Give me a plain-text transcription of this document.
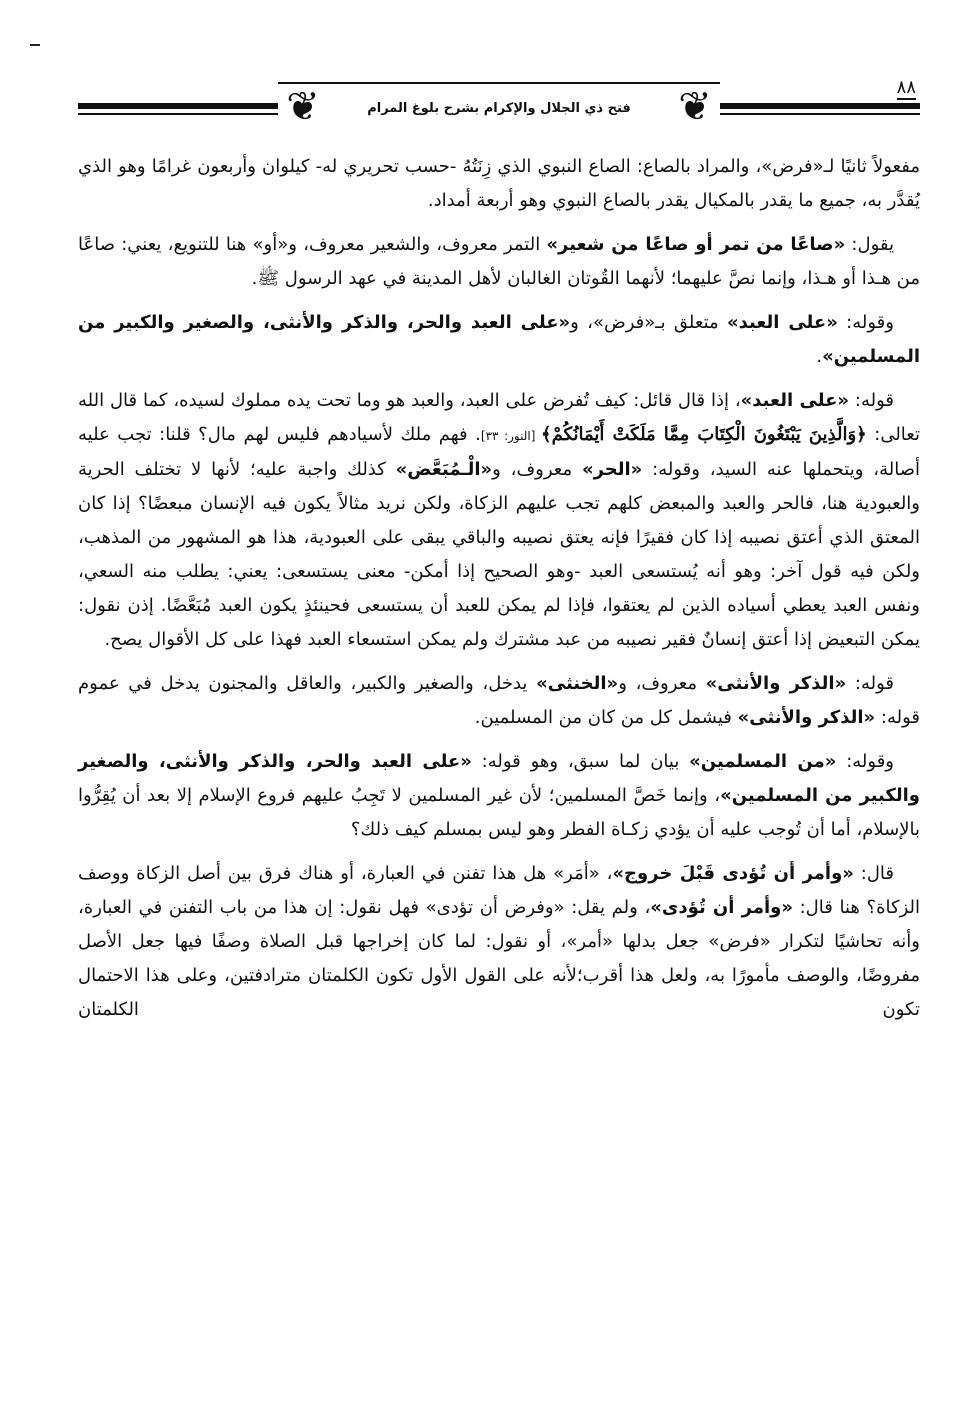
❦	فتح ذي الجلال والإكرام بشرح بلوغ المرام	❦	٨٨

مفعولاً ثانيًا لـ«فرض»، والمراد بالصاع: الصاع النبوي الذي زِنَتُهُ -حسب تحريري له- كيلوان وأربعون غرامًا وهو الذي يُقدَّر به، جميع ما يقدر بالمكيال يقدر بالصاع النبوي وهو أربعة أمداد.

يقول: «صاعًا من تمر أو صاعًا من شعير» التمر معروف، والشعير معروف، و«أو» هنا للتنويع، يعني: صاعًا من هـذا أو هـذا، وإنما نصَّ عليهما؛ لأنهما القُوتان الغالبان لأهل المدينة في عهد الرسول ﷺ.

وقوله: «على العبد» متعلق بـ«فرض»، و«على العبد والحر، والذكر والأنثى، والصغير والكبير من المسلمين».

قوله: «على العبد»، إذا قال قائل: كيف تُفرض على العبد، والعبد هو وما تحت يده مملوك لسيده، كما قال الله تعالى: ﴿وَالَّذِينَ يَبْتَغُونَ الْكِتَابَ مِمَّا مَلَكَتْ أَيْمَانُكُمْ﴾ [النور: ٣٣]. فهم ملك لأسيادهم فليس لهم مال؟ قلنا: تجب عليه أصالة، ويتحملها عنه السيد، وقوله: «الحر» معروف، و«الْـمُبَعَّض» كذلك واجبة عليه؛ لأنها لا تختلف الحرية والعبودية هنا، فالحر والعبد والمبعض كلهم تجب عليهم الزكاة، ولكن نريد مثالاً يكون فيه الإنسان مبعضًا؟ إذا كان المعتق الذي أعتق نصيبه إذا كان فقيرًا فإنه يعتق نصيبه والباقي يبقى على العبودية، هذا هو المشهور من المذهب، ولكن فيه قول آخر: وهو أنه يُستسعى العبد -وهو الصحيح إذا أمكن- معنى يستسعى: يعني: يطلب منه السعي، ونفس العبد يعطي أسياده الذين لم يعتقوا، فإذا لم يمكن للعبد أن يستسعى فحينئذٍ يكون العبد مُبَعَّضًا. إذن نقول: يمكن التبعيض إذا أعتق إنسانٌ فقير نصيبه من عبد مشترك ولم يمكن استسعاء العبد فهذا على كل الأقوال يصح.

قوله: «الذكر والأنثى» معروف، و«الخنثى» يدخل، والصغير والكبير، والعاقل والمجنون يدخل في عموم قوله: «الذكر والأنثى» فيشمل كل من كان من المسلمين.

وقوله: «من المسلمين» بيان لما سبق، وهو قوله: «على العبد والحر، والذكر والأنثى، والصغير والكبير من المسلمين»، وإنما خَصَّ المسلمين؛ لأن غير المسلمين لا تَجِبُ عليهم فروع الإسلام إلا بعد أن يُقِرُّوا بالإسلام، أما أن تُوجب عليه أن يؤدي زكـاة الفطر وهو ليس بمسلم كيف ذلك؟

قال: «وأمر أن تُؤدى قَبْلَ خروج»، «أمَر» هل هذا تفنن في العبارة، أو هناك فرق بين أصل الزكاة ووصف الزكاة؟ هنا قال: «وأمر أن تُؤدى»، ولم يقل: «وفرض أن تؤدى» فهل نقول: إن هذا من باب التفنن في العبارة، وأنه تحاشيًا لتكرار «فرض» جعل بدلها «أمر»، أو نقول: لما كان إخراجها قبل الصلاة وصفًا فيها جعل الأصل مفروضًا، والوصف مأمورًا به، ولعل هذا أقرب؛لأنه على القول الأول تكون الكلمتان مترادفتين، وعلى هذا الاحتمال تكون الكلمتان
